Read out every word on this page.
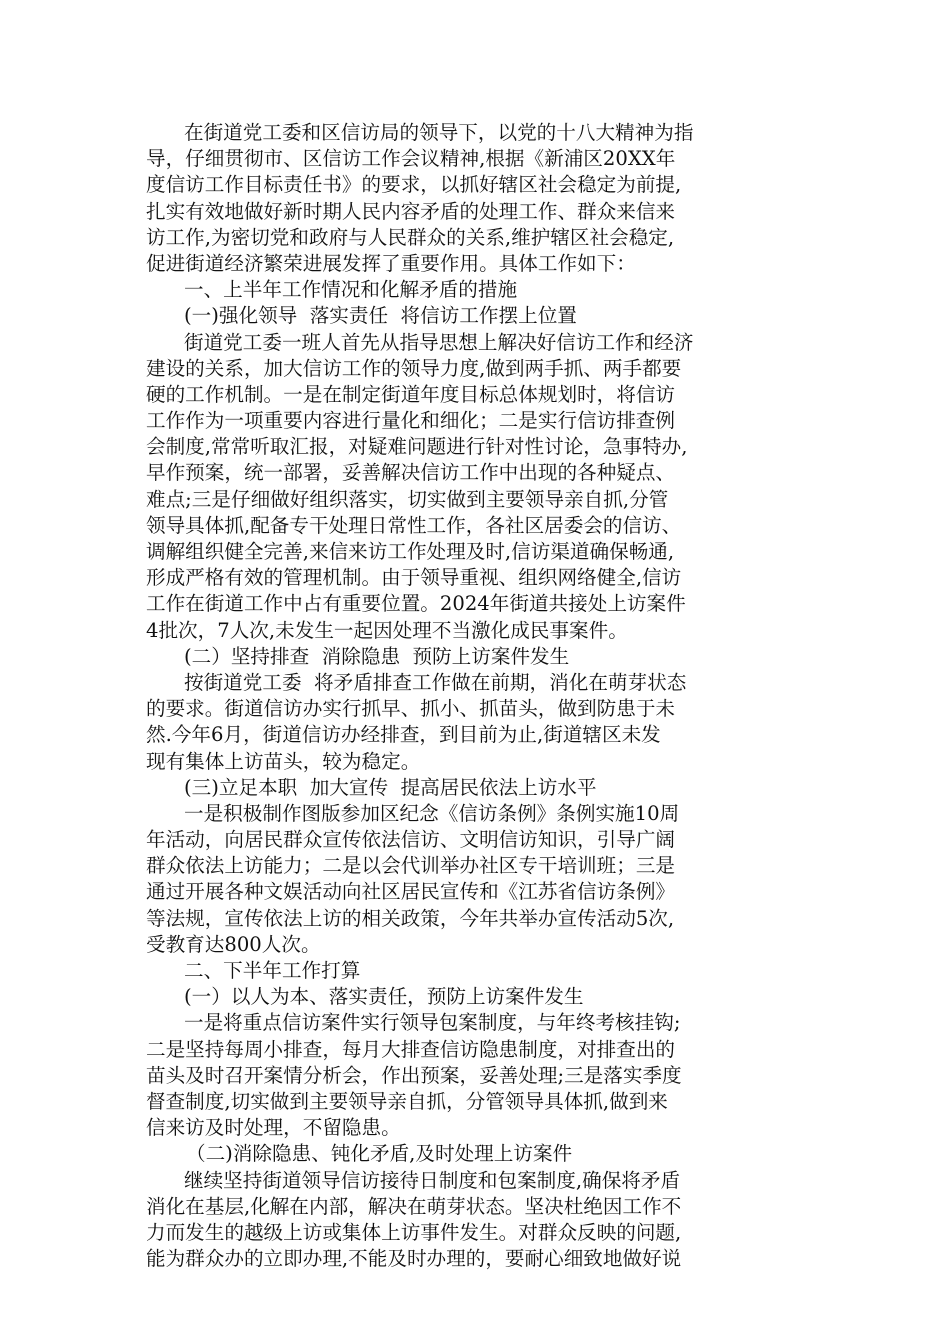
在街道党工委和区信访局的领导下，以党的十八大精神为指
导，仔细贯彻市、区信访工作会议精神,根据《新浦区20XX年
度信访工作目标责任书》的要求，以抓好辖区社会稳定为前提,
扎实有效地做好新时期人民内容矛盾的处理工作、群众来信来
访工作,为密切党和政府与人民群众的关系,维护辖区社会稳定,
促进街道经济繁荣进展发挥了重要作用。具体工作如下：
一、上半年工作情况和化解矛盾的措施
(一)强化领导  落实责任  将信访工作摆上位置
街道党工委一班人首先从指导思想上解决好信访工作和经济
建设的关系，加大信访工作的领导力度,做到两手抓、两手都要
硬的工作机制。一是在制定街道年度目标总体规划时，将信访
工作作为一项重要内容进行量化和细化；二是实行信访排查例
会制度,常常听取汇报，对疑难问题进行针对性讨论，急事特办,
早作预案，统一部署，妥善解决信访工作中出现的各种疑点、
难点;三是仔细做好组织落实，切实做到主要领导亲自抓,分管
领导具体抓,配备专干处理日常性工作，各社区居委会的信访、
调解组织健全完善,来信来访工作处理及时,信访渠道确保畅通,
形成严格有效的管理机制。由于领导重视、组织网络健全,信访
工作在街道工作中占有重要位置。2024年街道共接处上访案件
4批次，7人次,未发生一起因处理不当激化成民事案件。
(二）坚持排查  消除隐患  预防上访案件发生
按街道党工委  将矛盾排查工作做在前期，消化在萌芽状态
的要求。街道信访办实行抓早、抓小、抓苗头，做到防患于未
然.今年6月，街道信访办经排查，到目前为止,街道辖区未发
现有集体上访苗头，较为稳定。
(三)立足本职  加大宣传  提高居民依法上访水平
一是积极制作图版参加区纪念《信访条例》条例实施10周
年活动，向居民群众宣传依法信访、文明信访知识，引导广阔
群众依法上访能力；二是以会代训举办社区专干培训班；三是
通过开展各种文娱活动向社区居民宣传和《江苏省信访条例》
等法规，宣传依法上访的相关政策，今年共举办宣传活动5次,
受教育达800人次。
二、下半年工作打算
(一）以人为本、落实责任，预防上访案件发生
一是将重点信访案件实行领导包案制度，与年终考核挂钩;
二是坚持每周小排查，每月大排查信访隐患制度，对排查出的
苗头及时召开案情分析会，作出预案，妥善处理;三是落实季度
督查制度,切实做到主要领导亲自抓，分管领导具体抓,做到来
信来访及时处理，不留隐患。
（二)消除隐患、钝化矛盾,及时处理上访案件
继续坚持街道领导信访接待日制度和包案制度,确保将矛盾
消化在基层,化解在内部，解决在萌芽状态。坚决杜绝因工作不
力而发生的越级上访或集体上访事件发生。对群众反映的问题,
能为群众办的立即办理,不能及时办理的，要耐心细致地做好说
